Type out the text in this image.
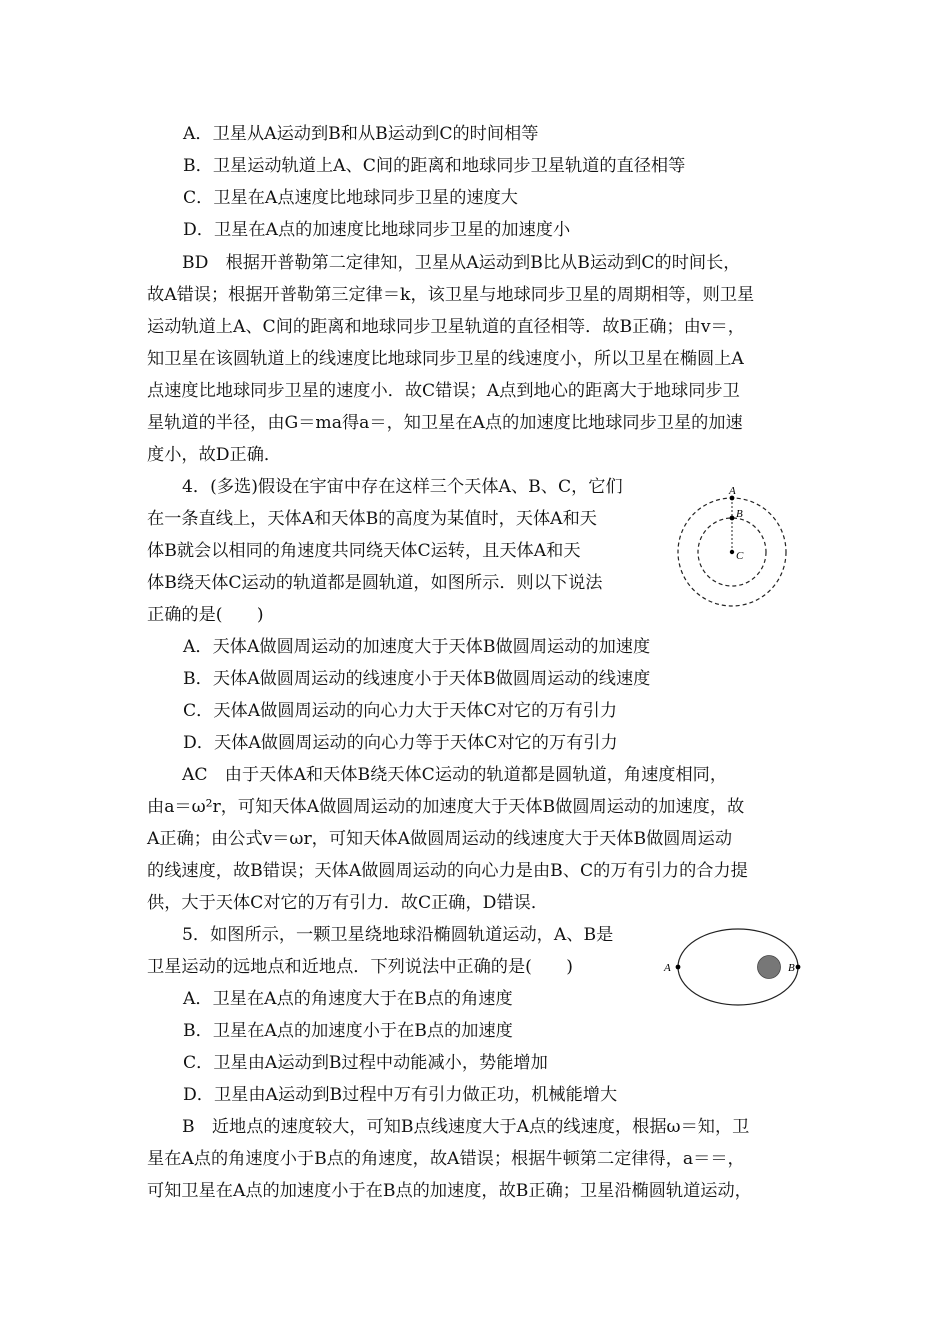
A．卫星从A运动到B和从B运动到C的时间相等
B．卫星运动轨道上A、C间的距离和地球同步卫星轨道的直径相等
C．卫星在A点速度比地球同步卫星的速度大
D．卫星在A点的加速度比地球同步卫星的加速度小
BD　根据开普勒第二定律知，卫星从A运动到B比从B运动到C的时间长，
故A错误；根据开普勒第三定律＝k，该卫星与地球同步卫星的周期相等，则卫星
运动轨道上A、C间的距离和地球同步卫星轨道的直径相等．故B正确；由v＝，
知卫星在该圆轨道上的线速度比地球同步卫星的线速度小，所以卫星在椭圆上A
点速度比地球同步卫星的速度小．故C错误；A点到地心的距离大于地球同步卫
星轨道的半径，由G＝ma得a＝，知卫星在A点的加速度比地球同步卫星的加速
度小，故D正确．
4．(多选)假设在宇宙中存在这样三个天体A、B、C，它们
在一条直线上，天体A和天体B的高度为某值时，天体A和天
体B就会以相同的角速度共同绕天体C运转，且天体A和天
体B绕天体C运动的轨道都是圆轨道，如图所示．则以下说法
正确的是(　　)
A
B
C
A．天体A做圆周运动的加速度大于天体B做圆周运动的加速度
B．天体A做圆周运动的线速度小于天体B做圆周运动的线速度
C．天体A做圆周运动的向心力大于天体C对它的万有引力
D．天体A做圆周运动的向心力等于天体C对它的万有引力
AC　由于天体A和天体B绕天体C运动的轨道都是圆轨道，角速度相同，
由a＝ω²r，可知天体A做圆周运动的加速度大于天体B做圆周运动的加速度，故
A正确；由公式v＝ωr，可知天体A做圆周运动的线速度大于天体B做圆周运动
的线速度，故B错误；天体A做圆周运动的向心力是由B、C的万有引力的合力提
供，大于天体C对它的万有引力．故C正确，D错误．
5．如图所示，一颗卫星绕地球沿椭圆轨道运动，A、B是
卫星运动的远地点和近地点．下列说法中正确的是(　　)	A	B
A．卫星在A点的角速度大于在B点的角速度
B．卫星在A点的加速度小于在B点的加速度
C．卫星由A运动到B过程中动能减小，势能增加
D．卫星由A运动到B过程中万有引力做正功，机械能增大
B　近地点的速度较大，可知B点线速度大于A点的线速度，根据ω＝知，卫
星在A点的角速度小于B点的角速度，故A错误；根据牛顿第二定律得，a＝＝，
可知卫星在A点的加速度小于在B点的加速度，故B正确；卫星沿椭圆轨道运动，
